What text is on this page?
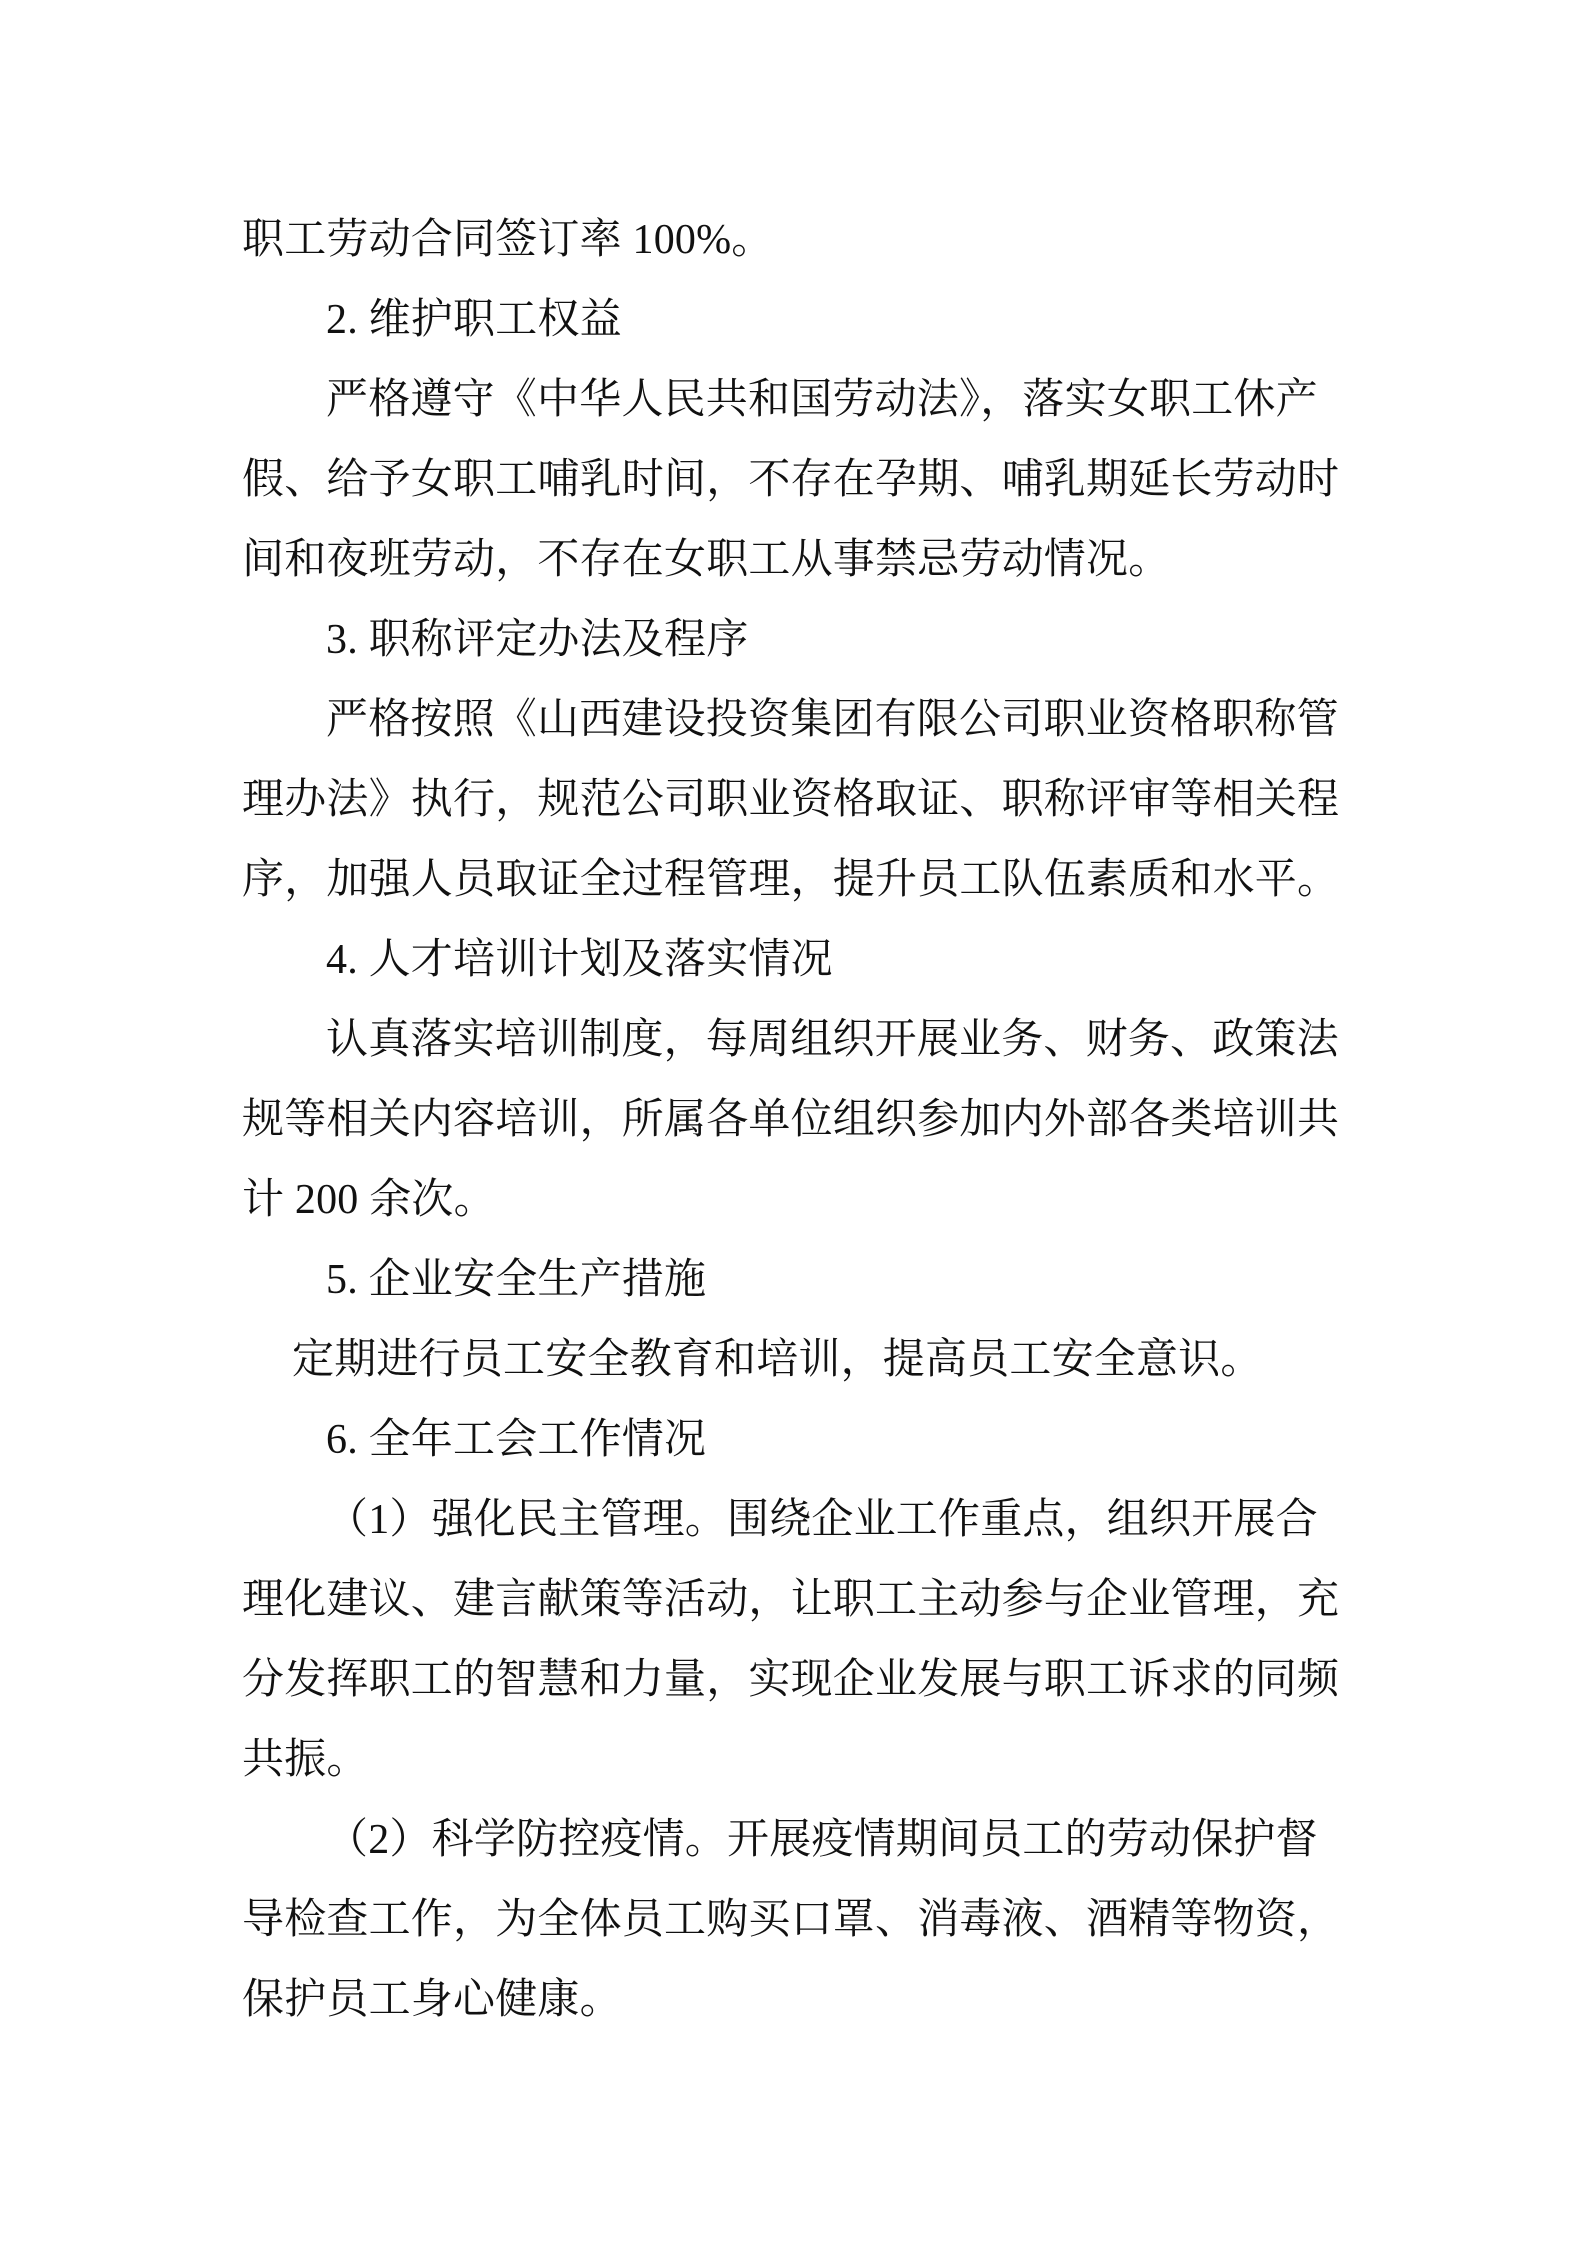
职工劳动合同签订率 100%。
2. 维护职工权益
严格遵守《中华人民共和国劳动法》，落实女职工休产
假、给予女职工哺乳时间，不存在孕期、哺乳期延长劳动时
间和夜班劳动，不存在女职工从事禁忌劳动情况。
3. 职称评定办法及程序
严格按照《山西建设投资集团有限公司职业资格职称管
理办法》执行，规范公司职业资格取证、职称评审等相关程
序，加强人员取证全过程管理，提升员工队伍素质和水平。
4. 人才培训计划及落实情况
认真落实培训制度，每周组织开展业务、财务、政策法
规等相关内容培训，所属各单位组织参加内外部各类培训共
计 200 余次。
5. 企业安全生产措施
定期进行员工安全教育和培训，提高员工安全意识。
6. 全年工会工作情况
（1）强化民主管理。围绕企业工作重点，组织开展合
理化建议、建言献策等活动，让职工主动参与企业管理，充
分发挥职工的智慧和力量，实现企业发展与职工诉求的同频
共振。
（2）科学防控疫情。开展疫情期间员工的劳动保护督
导检查工作，为全体员工购买口罩、消毒液、酒精等物资，
保护员工身心健康。
